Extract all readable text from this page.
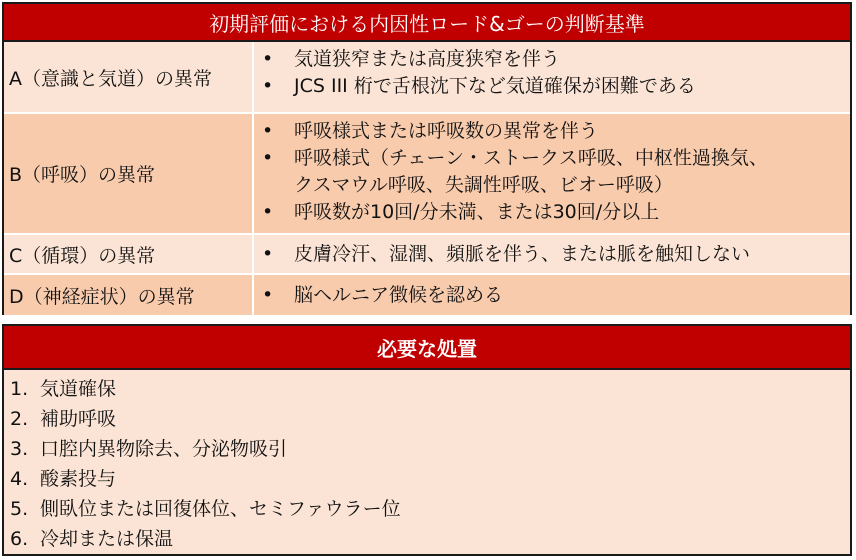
初期評価における内因性ロード&ゴーの判断基準
A（意識と気道）の異常
•	気道狭窄または高度狭窄を伴う
•	JCS III 桁で舌根沈下など気道確保が困難である
B（呼吸）の異常
•	呼吸様式または呼吸数の異常を伴う
•	呼吸様式（チェーン・ストークス呼吸、中枢性過換気、
クスマウル呼吸、失調性呼吸、ビオー呼吸）
•	呼吸数が10回/分未満、または30回/分以上
C（循環）の異常	•	皮膚冷汗、湿潤、頻脈を伴う、または脈を触知しない
D（神経症状）の異常	•	脳ヘルニア徴候を認める
必要な処置
1. 気道確保
2. 補助呼吸
3. 口腔内異物除去、分泌物吸引
4. 酸素投与
5. 側臥位または回復体位、セミファウラー位
6. 冷却または保温
